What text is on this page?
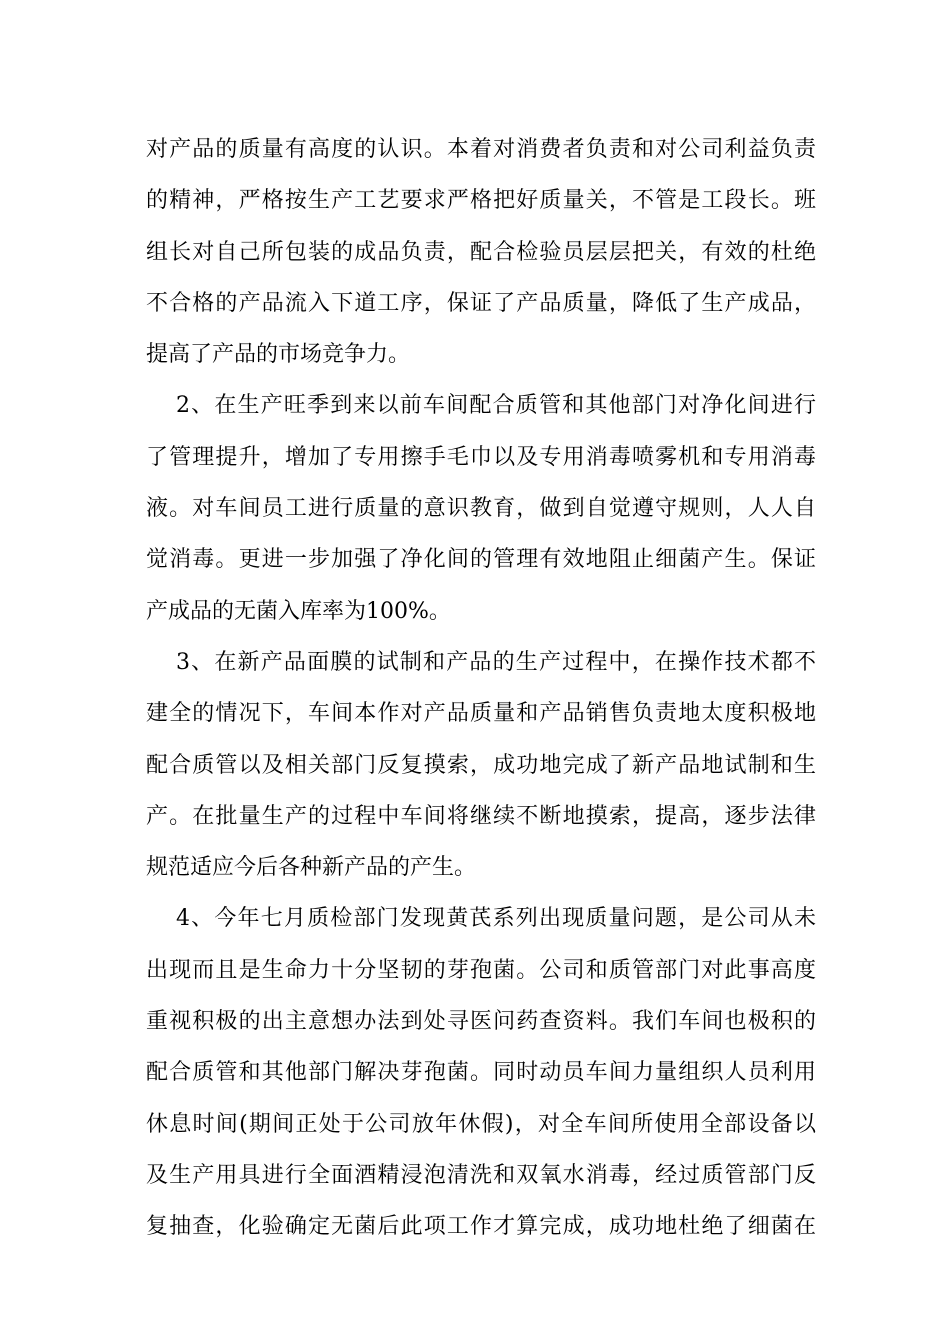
对产品的质量有高度的认识。本着对消费者负责和对公司利益负责
的精神，严格按生产工艺要求严格把好质量关，不管是工段长。班
组长对自己所包装的成品负责，配合检验员层层把关，有效的杜绝
不合格的产品流入下道工序，保证了产品质量，降低了生产成品，
提高了产品的市场竞争力。
2、在生产旺季到来以前车间配合质管和其他部门对净化间进行
了管理提升，增加了专用擦手毛巾以及专用消毒喷雾机和专用消毒
液。对车间员工进行质量的意识教育，做到自觉遵守规则，人人自
觉消毒。更进一步加强了净化间的管理有效地阻止细菌产生。保证
产成品的无菌入库率为100%。
3、在新产品面膜的试制和产品的生产过程中，在操作技术都不
建全的情况下，车间本作对产品质量和产品销售负责地太度积极地
配合质管以及相关部门反复摸索，成功地完成了新产品地试制和生
产。在批量生产的过程中车间将继续不断地摸索，提高，逐步法律
规范适应今后各种新产品的产生。
4、今年七月质检部门发现黄芪系列出现质量问题，是公司从未
出现而且是生命力十分坚韧的芽孢菌。公司和质管部门对此事高度
重视积极的出主意想办法到处寻医问药查资料。我们车间也极积的
配合质管和其他部门解决芽孢菌。同时动员车间力量组织人员利用
休息时间(期间正处于公司放年休假)，对全车间所使用全部设备以
及生产用具进行全面酒精浸泡清洗和双氧水消毒，经过质管部门反
复抽查，化验确定无菌后此项工作才算完成，成功地杜绝了细菌在
